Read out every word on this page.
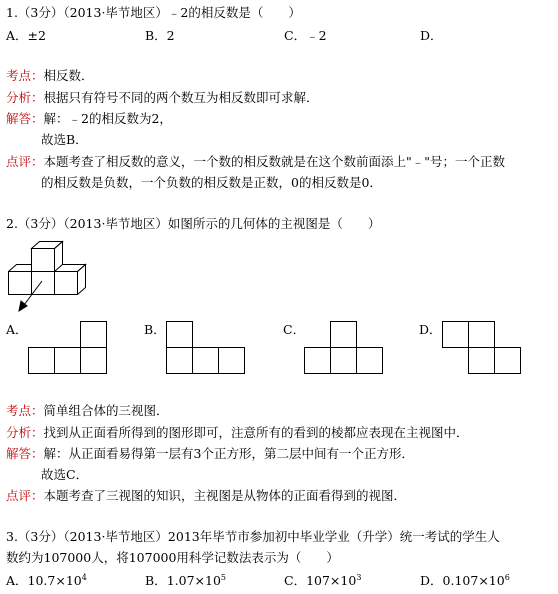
1.（3分）（2013·毕节地区）﹣2的相反数是（　　）
A．±2	B．2	C．﹣2	D．
考点：相反数．
分析：根据只有符号不同的两个数互为相反数即可求解．
解答：解：﹣2的相反数为2，
故选B．
点评：本题考查了相反数的意义，一个数的相反数就是在这个数前面添上"﹣"号；一个正数
的相反数是负数，一个负数的相反数是正数，0的相反数是0．
2.（3分）（2013·毕节地区）如图所示的几何体的主视图是（　　）
A．	B．	C．	D．
考点：简单组合体的三视图．
分析：找到从正面看所得到的图形即可，注意所有的看到的棱都应表现在主视图中．
解答：解：从正面看易得第一层有3个正方形，第二层中间有一个正方形．
故选C．
点评：本题考查了三视图的知识，主视图是从物体的正面看得到的视图．
3.（3分）（2013·毕节地区）2013年毕节市参加初中毕业学业（升学）统一考试的学生人
数约为107000人，将107000用科学记数法表示为（　　）
A．$10.7\times 10^4$	B．$1.07\times 10^5$	C．$107\times 10^3$	D．$0.107\times 10^6$
